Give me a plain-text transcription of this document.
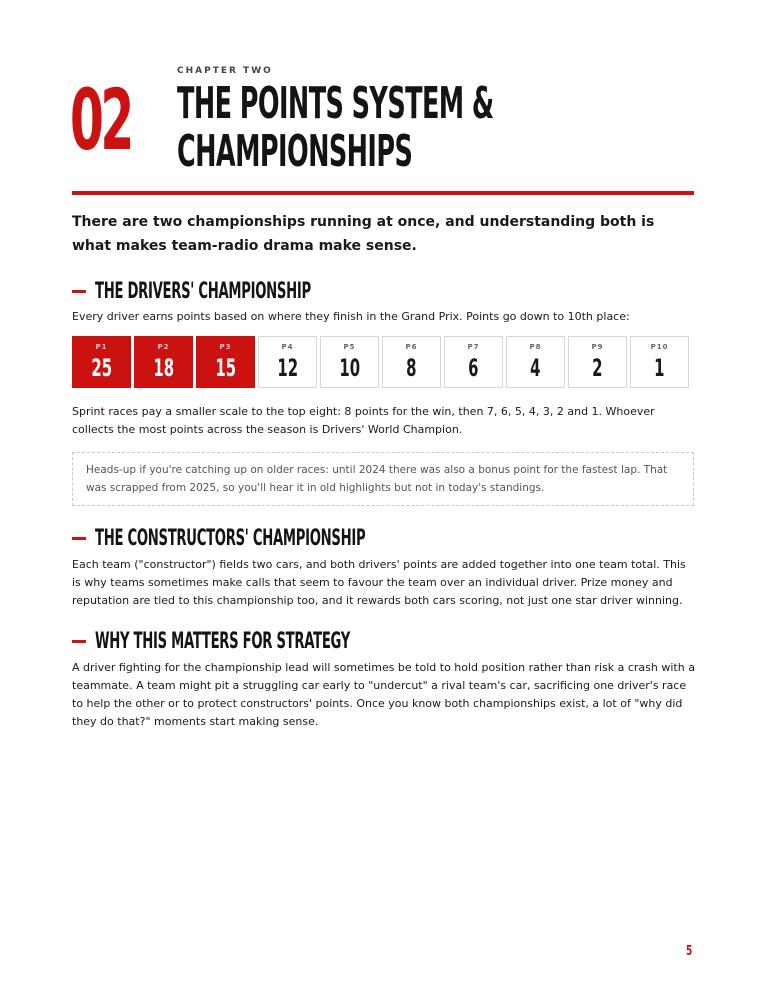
CHAPTER TWO
02 THE POINTS SYSTEM & CHAMPIONSHIPS
There are two championships running at once, and understanding both is what makes team-radio drama make sense.
THE DRIVERS' CHAMPIONSHIP
Every driver earns points based on where they finish in the Grand Prix. Points go down to 10th place:
P1
25
P2
18
P3
15
P4
12
P5
10
P6
8
P7
6
P8
4
P9
2
P10
1
Sprint races pay a smaller scale to the top eight: 8 points for the win, then 7, 6, 5, 4, 3, 2 and 1. Whoever collects the most points across the season is Drivers' World Champion.
Heads-up if you're catching up on older races: until 2024 there was also a bonus point for the fastest lap. That was scrapped from 2025, so you'll hear it in old highlights but not in today's standings.
THE CONSTRUCTORS' CHAMPIONSHIP
Each team ("constructor") fields two cars, and both drivers' points are added together into one team total. This is why teams sometimes make calls that seem to favour the team over an individual driver. Prize money and reputation are tied to this championship too, and it rewards both cars scoring, not just one star driver winning.
WHY THIS MATTERS FOR STRATEGY
A driver fighting for the championship lead will sometimes be told to hold position rather than risk a crash with a teammate. A team might pit a struggling car early to "undercut" a rival team's car, sacrificing one driver's race to help the other or to protect constructors' points. Once you know both championships exist, a lot of "why did they do that?" moments start making sense.
5
